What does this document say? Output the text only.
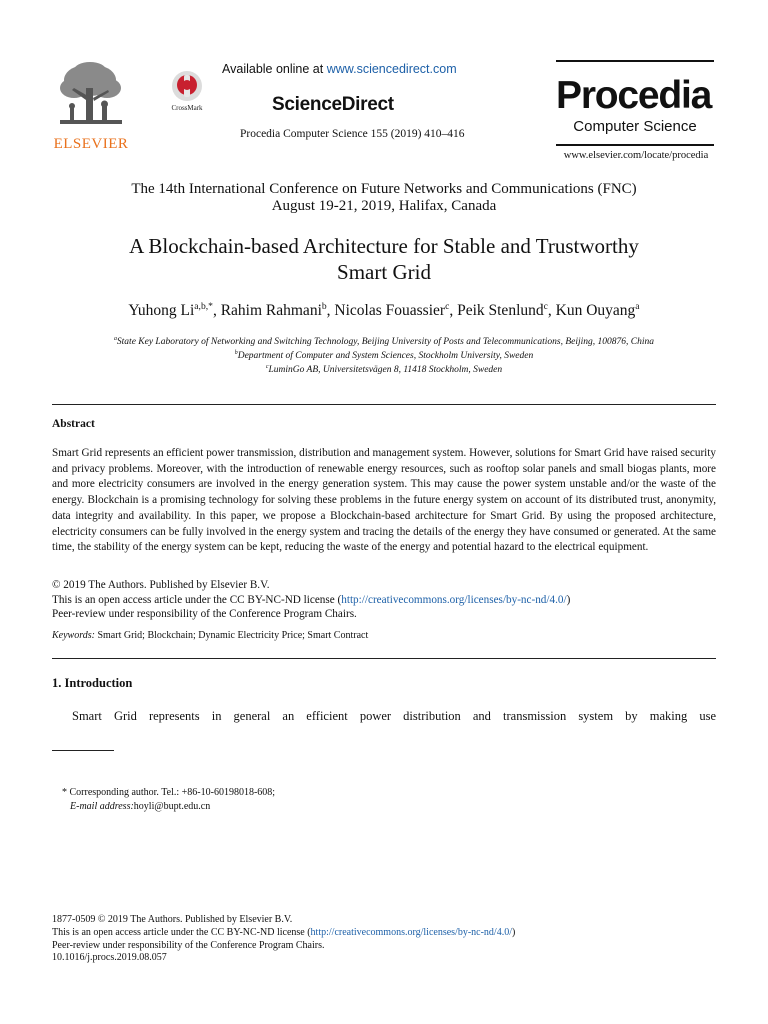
ELSEVIER
Available online at www.sciencedirect.com
CrossMark	ScienceDirect
Procedia Computer Science 155 (2019) 410–416
Procedia
Computer Science
www.elsevier.com/locate/procedia
The 14th International Conference on Future Networks and Communications (FNC)
August 19-21, 2019, Halifax, Canada
A Blockchain-based Architecture for Stable and Trustworthy
Smart Grid
Yuhong $Li^{a,b,*}$, Rahim Rahmani$^b$, Nicolas Fouassier$^c$, Peik Stenlund$^c$, Kun Ouyang$^a$
$^a$State Key Laboratory of Networking and Switching Technology, Beijing University of Posts and Telecommunications, Beijing, 100876, China
$^b$Department of Computer and System Sciences, Stockholm University, Sweden
$^c$LuminGo AB, Universitetsvägen 8, 11418 Stockholm, Sweden
Abstract
Smart Grid represents an efficient power transmission, distribution and management system. However, solutions for Smart Grid have raised security and privacy problems. Moreover, with the introduction of renewable energy resources, such as rooftop solar panels and small biogas plants, more and more electricity consumers are involved in the energy generation system. This may cause the power system unstable and/or the waste of the energy. Blockchain is a promising technology for solving these problems in the future energy system on account of its distributed trust, anonymity, data integrity and availability. In this paper, we propose a Blockchain-based architecture for Smart Grid. By using the proposed architecture, electricity consumers can be fully involved in the energy system and tracing the details of the energy they have consumed or generated. At the same time, the stability of the energy system can be kept, reducing the waste of the energy and potential hazard to the electrical equipment.
© 2019 The Authors. Published by Elsevier B.V.
This is an open access article under the CC BY-NC-ND license (http://creativecommons.org/licenses/by-nc-nd/4.0/)
Peer-review under responsibility of the Conference Program Chairs.
Keywords: Smart Grid; Blockchain; Dynamic Electricity Price; Smart Contract
1. Introduction
Smart Grid represents in general an efficient power distribution and transmission system by making use
* Corresponding author. Tel.: +86-10-60198018-608;
E-mail address:hoyli@bupt.edu.cn
1877-0509 © 2019 The Authors. Published by Elsevier B.V.
This is an open access article under the CC BY-NC-ND license (http://creativecommons.org/licenses/by-nc-nd/4.0/)
Peer-review under responsibility of the Conference Program Chairs.
10.1016/j.procs.2019.08.057
